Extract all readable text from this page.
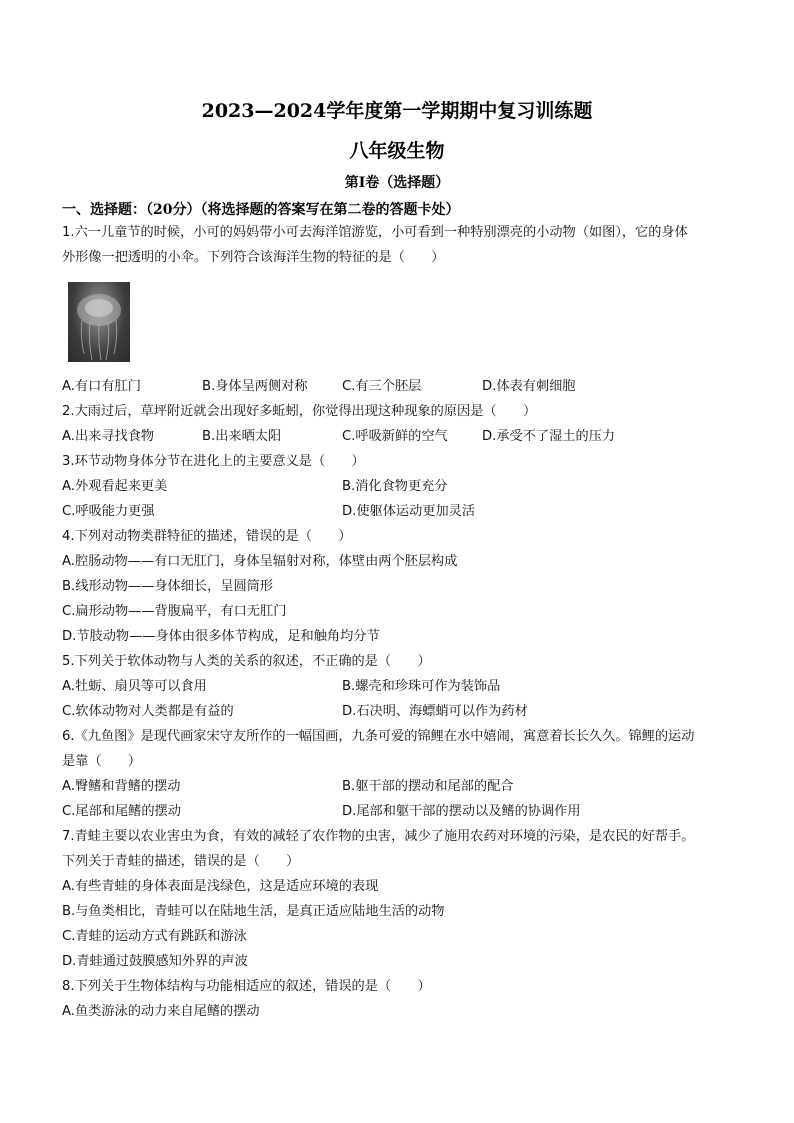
2023—2024学年度第一学期期中复习训练题
八年级生物
第Ⅰ卷（选择题）
一、选择题：（20分）（将选择题的答案写在第二卷的答题卡处）
1.六一儿童节的时候，小可的妈妈带小可去海洋馆游览，小可看到一种特别漂亮的小动物（如图），它的身体
外形像一把透明的小伞。下列符合该海洋生物的特征的是（　　）
A.有口有肛门	B.身体呈两侧对称	C.有三个胚层	D.体表有刺细胞
2.大雨过后，草坪附近就会出现好多蚯蚓，你觉得出现这种现象的原因是（　　）
A.出来寻找食物	B.出来晒太阳	C.呼吸新鲜的空气	D.承受不了湿土的压力
3.环节动物身体分节在进化上的主要意义是（　　）
A.外观看起来更美	B.消化食物更充分
C.呼吸能力更强	D.使躯体运动更加灵活
4.下列对动物类群特征的描述，错误的是（　　）
A.腔肠动物——有口无肛门，身体呈辐射对称，体壁由两个胚层构成
B.线形动物——身体细长，呈圆筒形
C.扁形动物——背腹扁平，有口无肛门
D.节肢动物——身体由很多体节构成，足和触角均分节
5.下列关于软体动物与人类的关系的叙述，不正确的是（　　）
A.牡蛎、扇贝等可以食用	B.螺壳和珍珠可作为装饰品
C.软体动物对人类都是有益的	D.石决明、海螵蛸可以作为药材
6.《九鱼图》是现代画家宋守友所作的一幅国画，九条可爱的锦鲤在水中嬉闹，寓意着长长久久。锦鲤的运动
是靠（　　）
A.臀鳍和背鳍的摆动	B.躯干部的摆动和尾部的配合
C.尾部和尾鳍的摆动	D.尾部和躯干部的摆动以及鳍的协调作用
7.青蛙主要以农业害虫为食，有效的减轻了农作物的虫害，减少了施用农药对环境的污染，是农民的好帮手。
下列关于青蛙的描述，错误的是（　　）
A.有些青蛙的身体表面是浅绿色，这是适应环境的表现
B.与鱼类相比，青蛙可以在陆地生活，是真正适应陆地生活的动物
C.青蛙的运动方式有跳跃和游泳
D.青蛙通过鼓膜感知外界的声波
8.下列关于生物体结构与功能相适应的叙述，错误的是（　　）
A.鱼类游泳的动力来自尾鳍的摆动
